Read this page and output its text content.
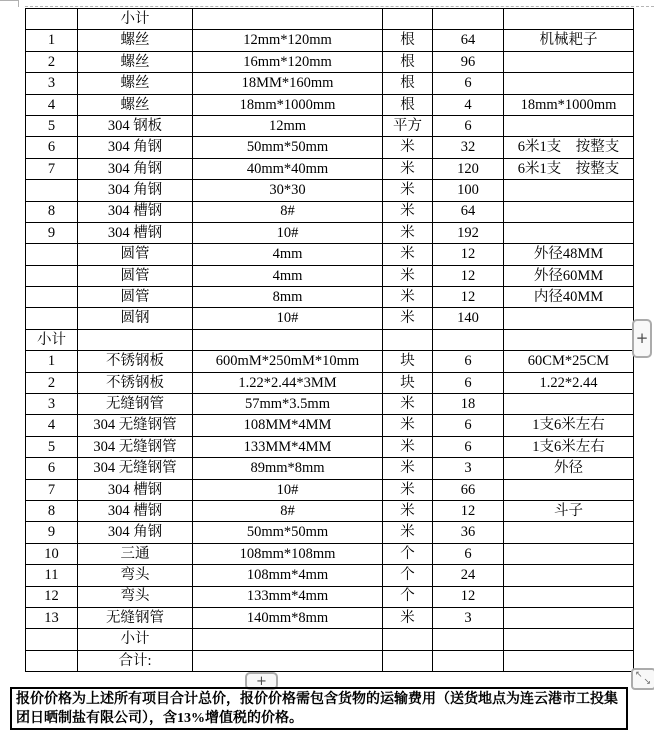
	小计				
1	螺丝	12mm*120mm	根	64	机械耙子
2	螺丝	16mm*120mm	根	96	
3	螺丝	18MM*160mm	根	6	
4	螺丝	18mm*1000mm	根	4	18mm*1000mm
5	304 钢板	12mm	平方	6	
6	304 角钢	50mm*50mm	米	32	6米1支　按整支
7	304 角钢	40mm*40mm	米	120	6米1支　按整支
	304 角钢	30*30	米	100	
8	304 槽钢	8#	米	64	
9	304 槽钢	10#	米	192	
	圆管	4mm	米	12	外径48MM
	圆管	4mm	米	12	外径60MM
	圆管	8mm	米	12	内径40MM
	圆钢	10#	米	140	
小计					
1	不锈钢板	600mM*250mM*10mm	块	6	60CM*25CM
2	不锈钢板	1.22*2.44*3MM	块	6	1.22*2.44
3	无缝钢管	57mm*3.5mm	米	18	
4	304 无缝钢管	108MM*4MM	米	6	1支6米左右
5	304 无缝钢管	133MM*4MM	米	6	1支6米左右
6	304 无缝钢管	89mm*8mm	米	3	外径
7	304 槽钢	10#	米	66	
8	304 槽钢	8#	米	12	斗子
9	304 角钢	50mm*50mm	米	36	
10	三通	108mm*108mm	个	6	
11	弯头	108mm*4mm	个	24	
12	弯头	133mm*4mm	个	12	
13	无缝钢管	140mm*8mm	米	3	
	小计				
	合计:				
+
+	↖
↘
报价价格为上述所有项目合计总价，报价价格需包含货物的运输费用（送货地点为连云港市工投集团日晒制盐有限公司），含13%增值税的价格。
